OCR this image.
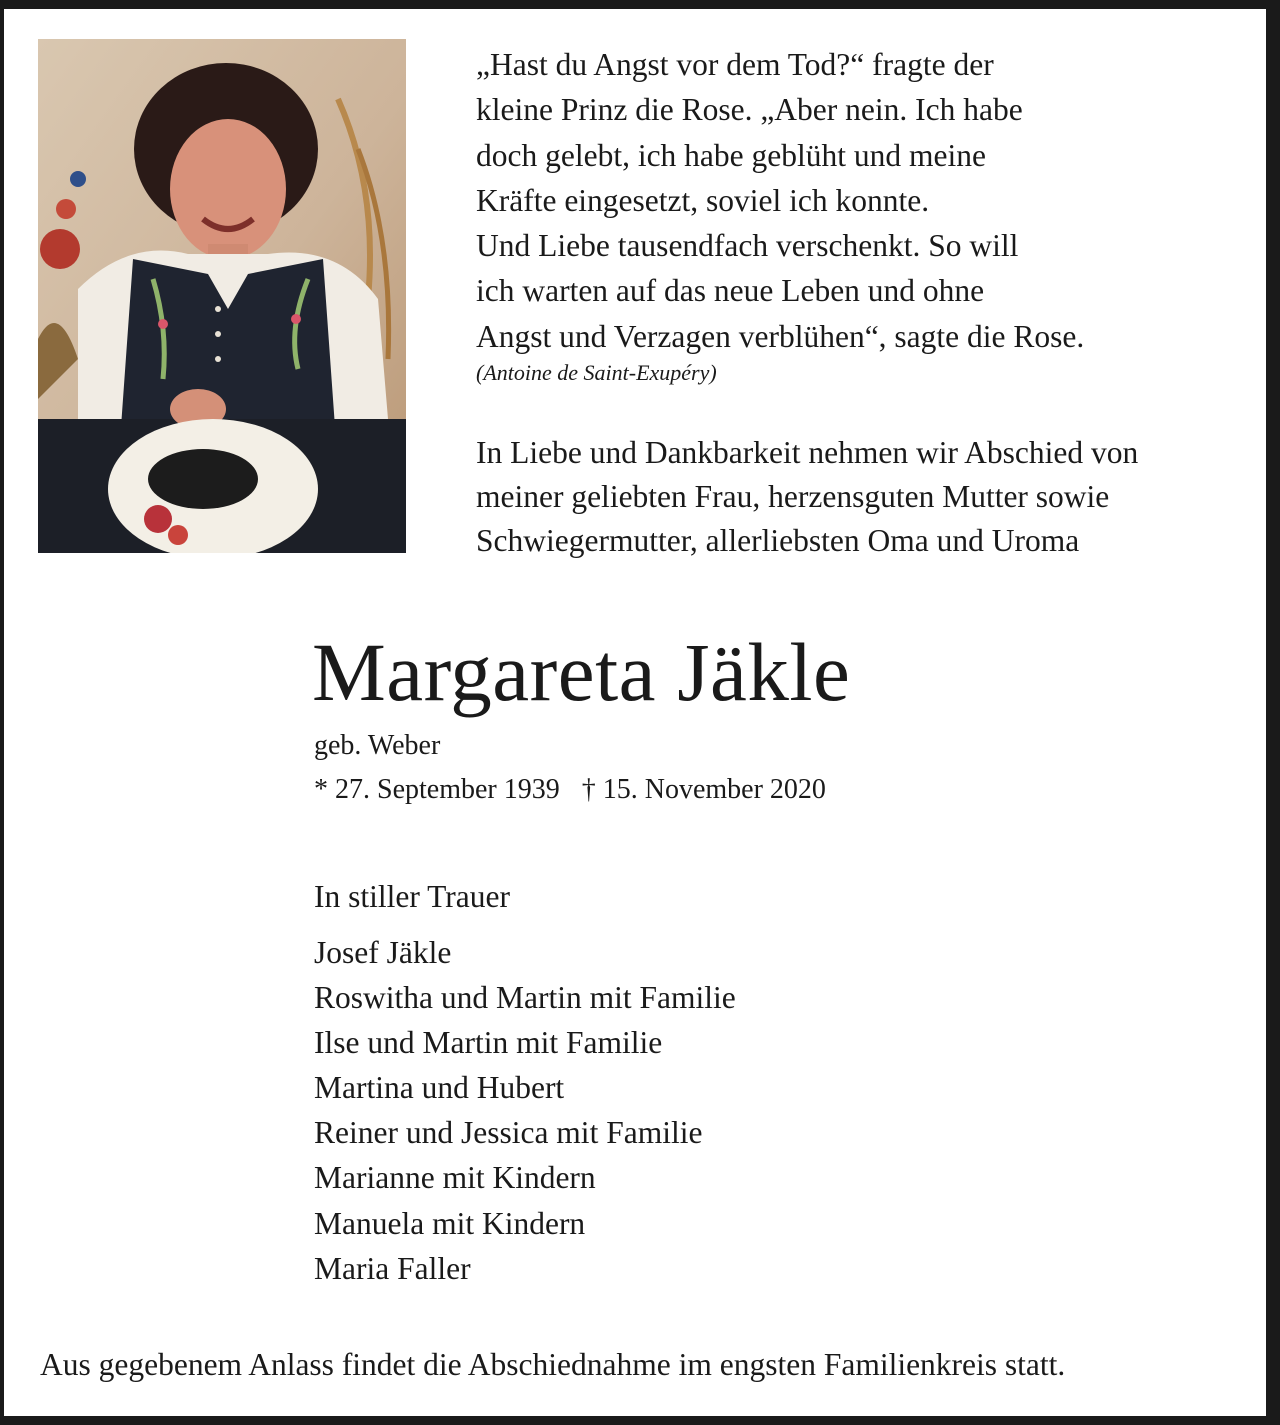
„Hast du Angst vor dem Tod?“ fragte der
kleine Prinz die Rose. „Aber nein. Ich habe
doch gelebt, ich habe geblüht und meine
Kräfte eingesetzt, soviel ich konnte.
Und Liebe tausendfach verschenkt. So will
ich warten auf das neue Leben und ohne
Angst und Verzagen verblühen“, sagte die Rose.
(Antoine de Saint-Exupéry)
In Liebe und Dankbarkeit nehmen wir Abschied von
meiner geliebten Frau, herzensguten Mutter sowie
Schwiegermutter, allerliebsten Oma und Uroma
Margareta Jäkle
geb. Weber
* 27. September 1939 † 15. November 2020
In stiller Trauer
Josef Jäkle
Roswitha und Martin mit Familie
Ilse und Martin mit Familie
Martina und Hubert
Reiner und Jessica mit Familie
Marianne mit Kindern
Manuela mit Kindern
Maria Faller
Aus gegebenem Anlass findet die Abschiednahme im engsten Familienkreis statt.
